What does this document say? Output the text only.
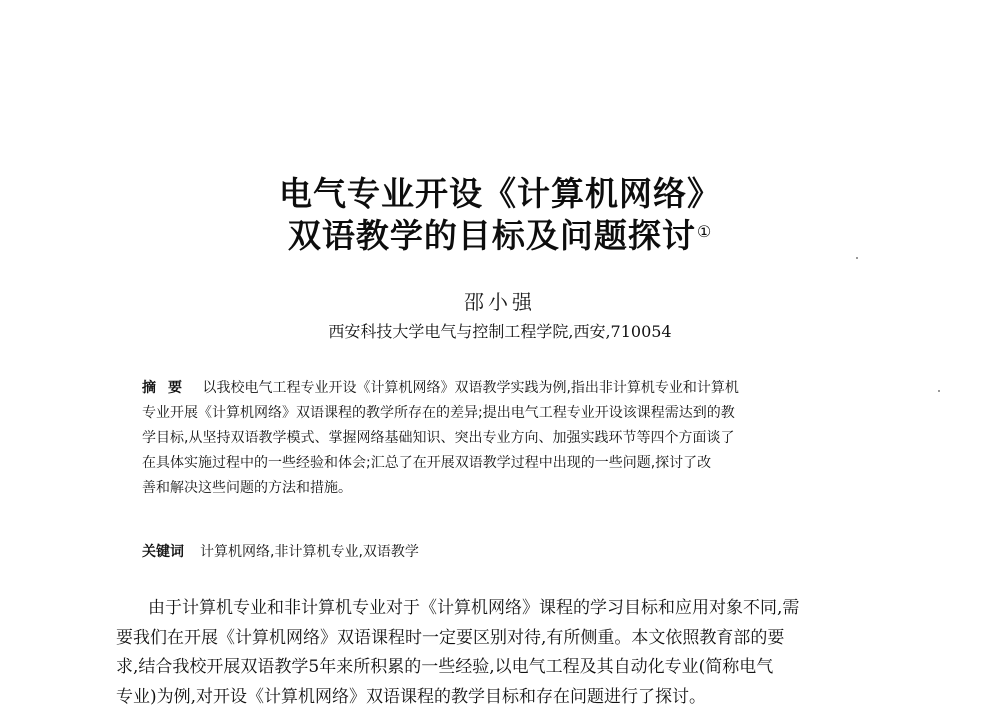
电气专业开设《计算机网络》
双语教学的目标及问题探讨①
邵小强
西安科技大学电气与控制工程学院,西安,710054
摘要 以我校电气工程专业开设《计算机网络》双语教学实践为例,指出非计算机专业和计算机
专业开展《计算机网络》双语课程的教学所存在的差异;提出电气工程专业开设该课程需达到的教
学目标,从坚持双语教学模式、掌握网络基础知识、突出专业方向、加强实践环节等四个方面谈了
在具体实施过程中的一些经验和体会;汇总了在开展双语教学过程中出现的一些问题,探讨了改
善和解决这些问题的方法和措施。
关键词 计算机网络,非计算机专业,双语教学
由于计算机专业和非计算机专业对于《计算机网络》课程的学习目标和应用对象不同,需
要我们在开展《计算机网络》双语课程时一定要区别对待,有所侧重。本文依照教育部的要
求,结合我校开展双语教学5年来所积累的一些经验,以电气工程及其自动化专业(简称电气
专业)为例,对开设《计算机网络》双语课程的教学目标和存在问题进行了探讨。
